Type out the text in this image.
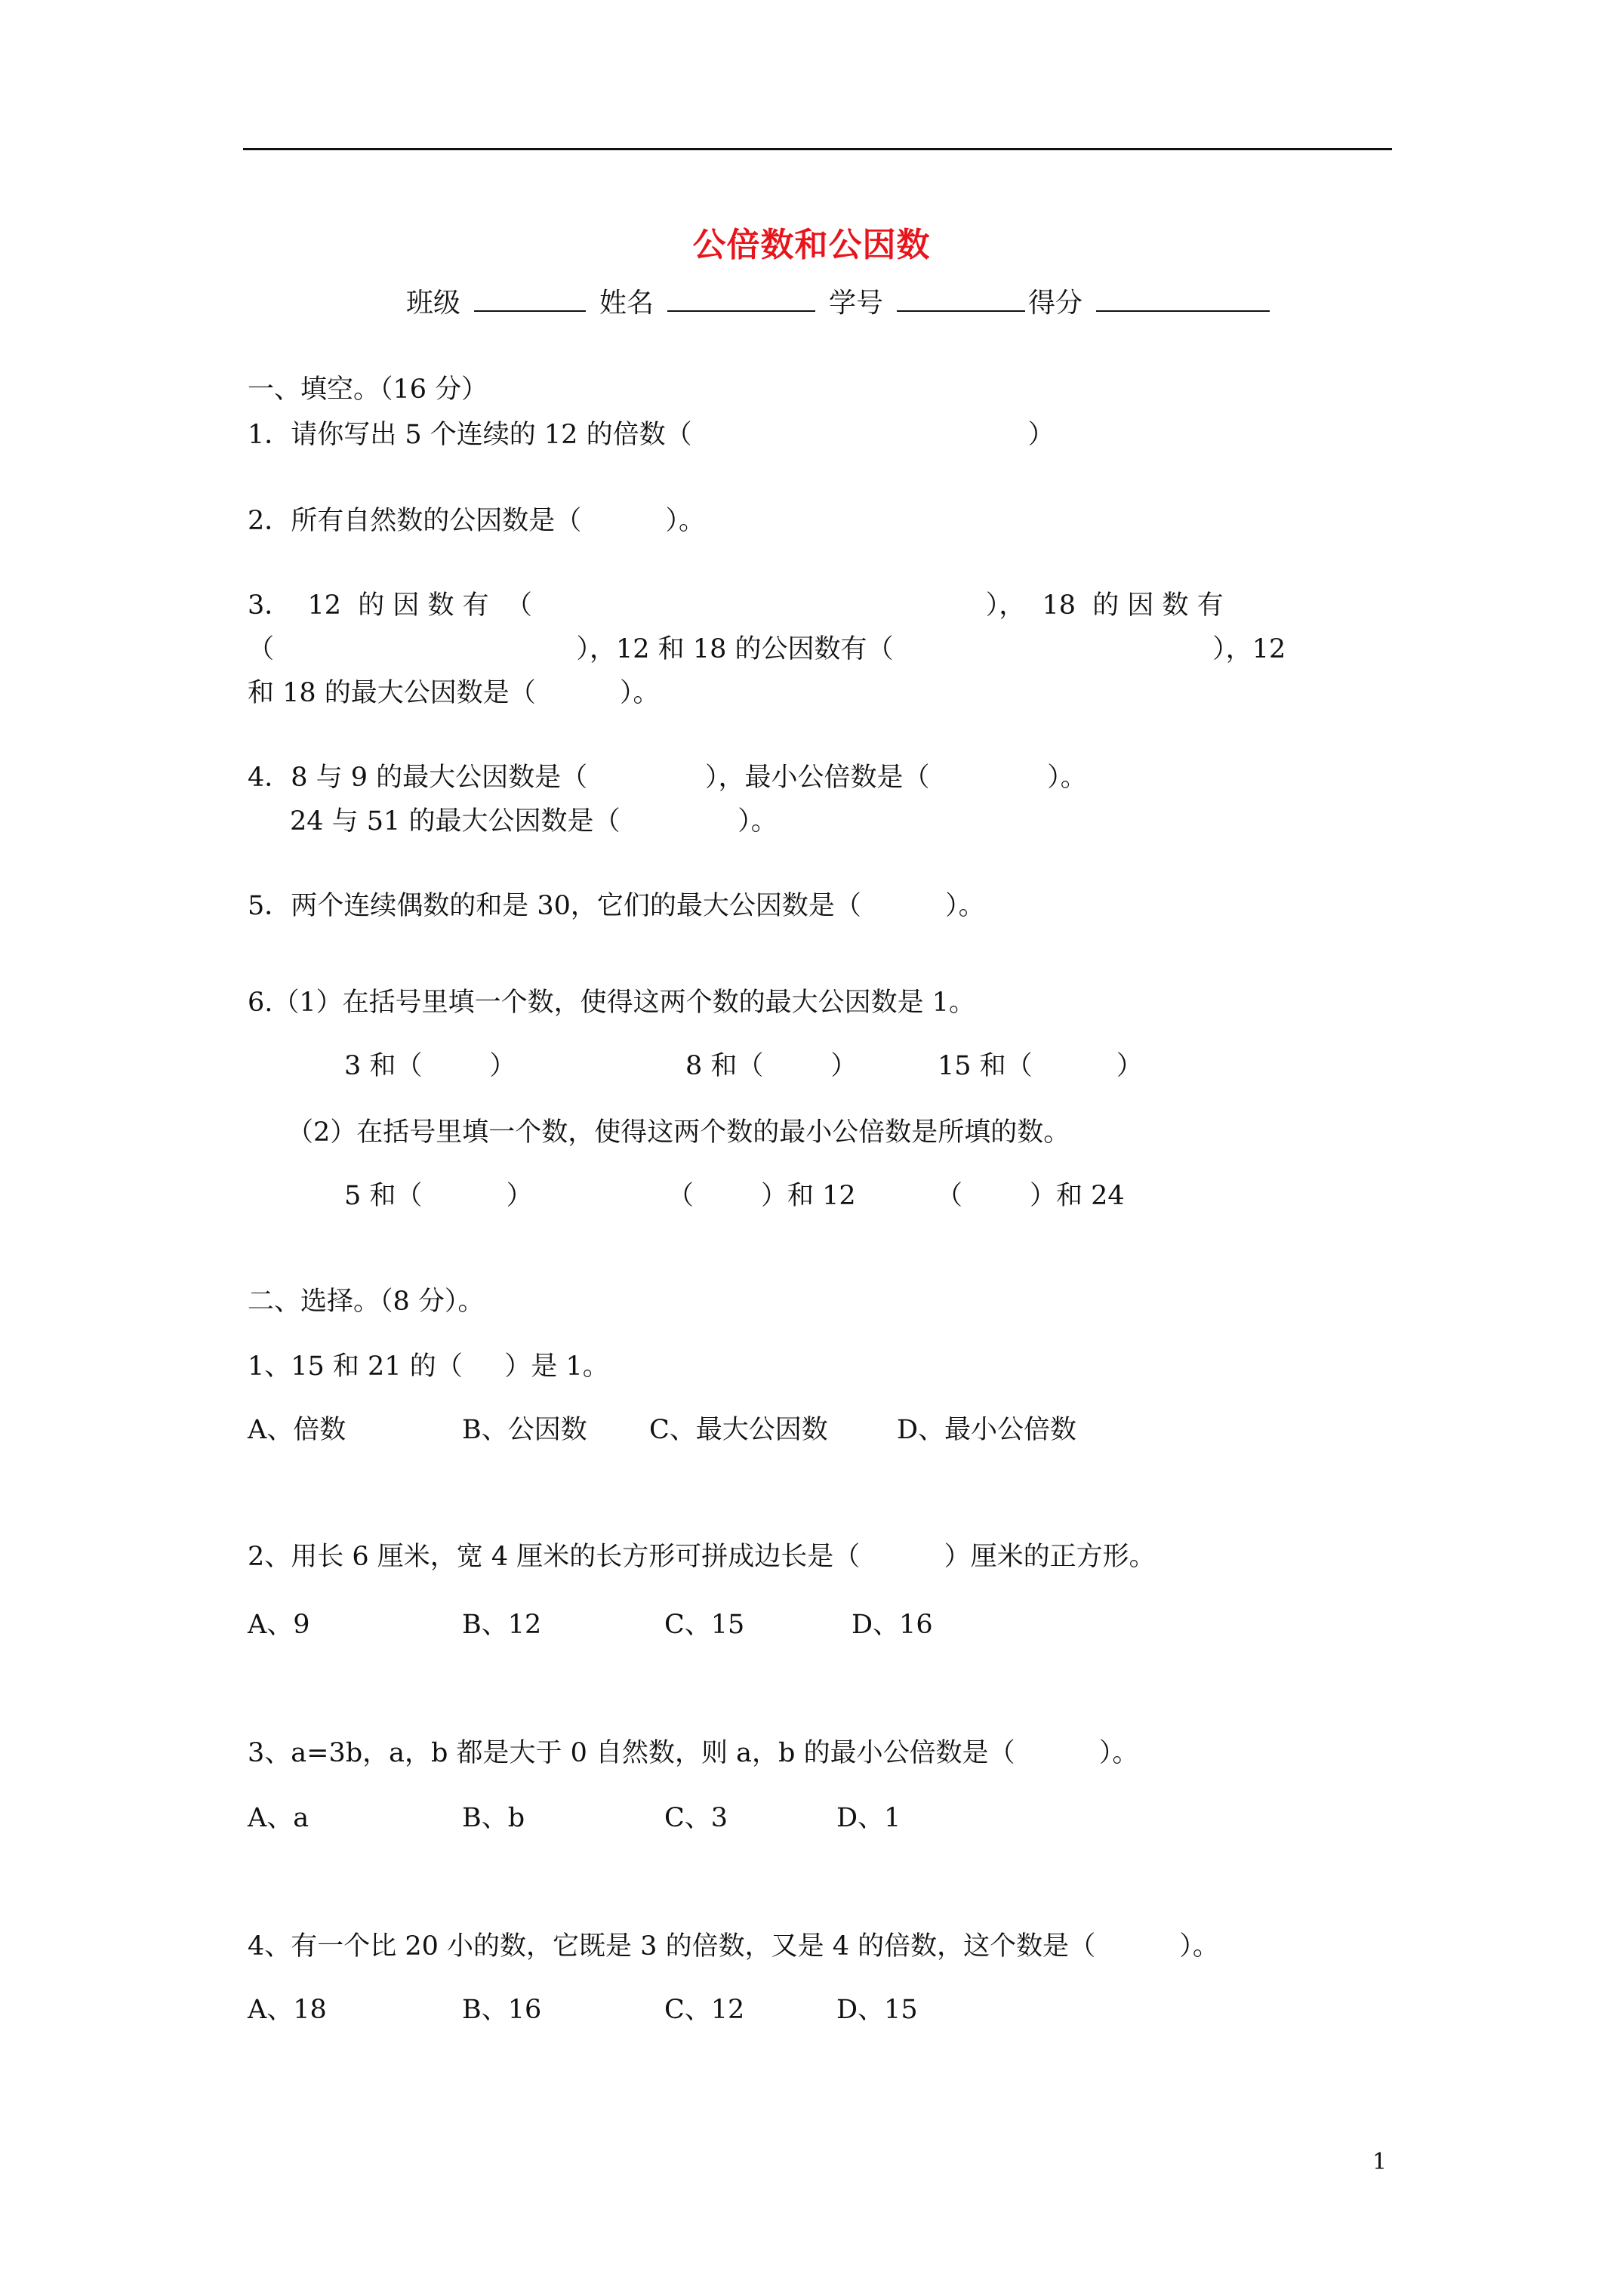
公倍数和公因数
班级	姓名	学号	得分
一、填空。（16 分）
1．请你写出 5 个连续的 12 的倍数（                                        ）
2．所有自然数的公因数是（          ）。
3．  12  的 因 数 有  （                                                      ），  18  的 因 数 有
（                                    ），12 和 18 的公因数有（                                      ），12
和 18 的最大公因数是（          ）。
4．8 与 9 的最大公因数是（              ），最小公倍数是（              ）。
24 与 51 的最大公因数是（              ）。
5．两个连续偶数的和是 30，它们的最大公因数是（          ）。
6.（1）在括号里填一个数，使得这两个数的最大公因数是 1。
3 和（        ）	8 和（        ）	15 和（          ）
（2）在括号里填一个数，使得这两个数的最小公倍数是所填的数。
5 和（          ）	（        ）和 12	（        ）和 24
二、选择。（8 分）。
1、15 和 21 的（     ）是 1。
A、倍数	B、公因数 C、最大公因数	D、最小公倍数
2、用长 6 厘米，宽 4 厘米的长方形可拼成边长是（          ）厘米的正方形。
A、9	B、12	C、15	D、16
3、a=3b，a，b 都是大于 0 自然数，则 a，b 的最小公倍数是（          ）。
A、a	B、b	C、3	D、1
4、有一个比 20 小的数，它既是 3 的倍数，又是 4 的倍数，这个数是（          ）。
A、18	B、16	C、12	D、15
1
